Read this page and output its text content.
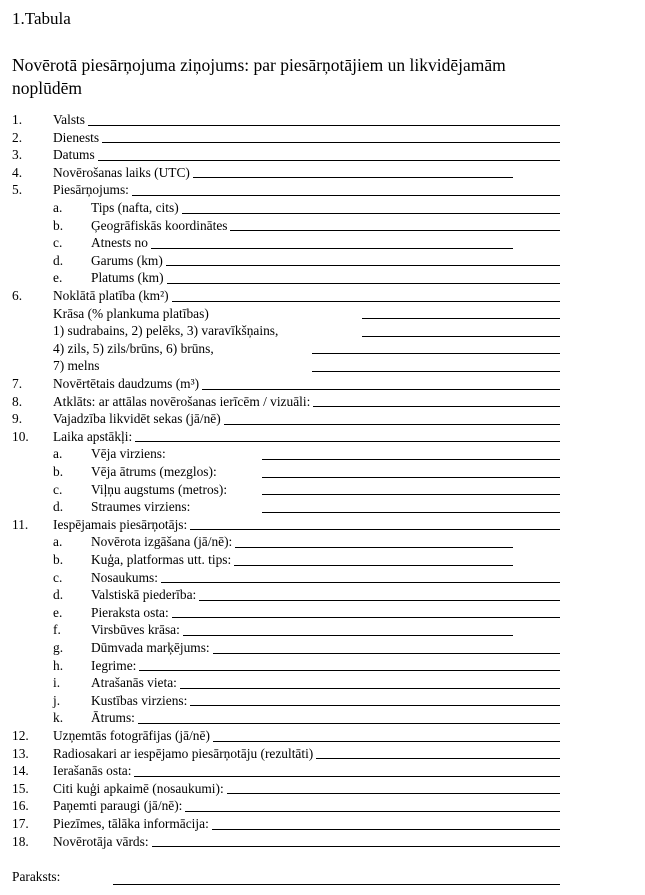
1.Tabula
Novērotā piesārņojuma ziņojums: par piesārņotājiem un likvidējamām
noplūdēm
1. Valsts
2. Dienests
3. Datums
4. Novērošanas laiks (UTC)
5. Piesārņojums:
a. Tips (nafta, cits)
b. Ģeogrāfiskās koordinātes
c. Atnests no
d. Garums (km)
e. Platums (km)
6. Noklātā platība (km²)
Krāsa (% plankuma platības)
1) sudrabains, 2) pelēks, 3) varavīkšņains,
4) zils, 5) zils/brūns, 6) brūns,
7) melns
7. Novērtētais daudzums (m³)
8. Atklāts: ar attālas novērošanas ierīcēm / vizuāli:
9. Vajadzība likvidēt sekas (jā/nē)
10. Laika apstākļi:
a. Vēja virziens:
b. Vēja ātrums (mezglos):
c. Viļņu augstums (metros):
d. Straumes virziens:
11. Iespējamais piesārņotājs:
a. Novērota izgāšana (jā/nē):
b. Kuģa, platformas utt. tips:
c. Nosaukums:
d. Valstiskā piederība:
e. Pieraksta osta:
f. Virsbūves krāsa:
g. Dūmvada marķējums:
h. Iegrime:
i. Atrašanās vieta:
j. Kustības virziens:
k. Ātrums:
12. Uzņemtās fotogrāfijas (jā/nē)
13. Radiosakari ar iespējamo piesārņotāju (rezultāti)
14. Ierašanās osta:
15. Citi kuģi apkaimē (nosaukumi):
16. Paņemti paraugi (jā/nē):
17. Piezīmes, tālāka informācija:
18. Novērotāja vārds:
Paraksts:
